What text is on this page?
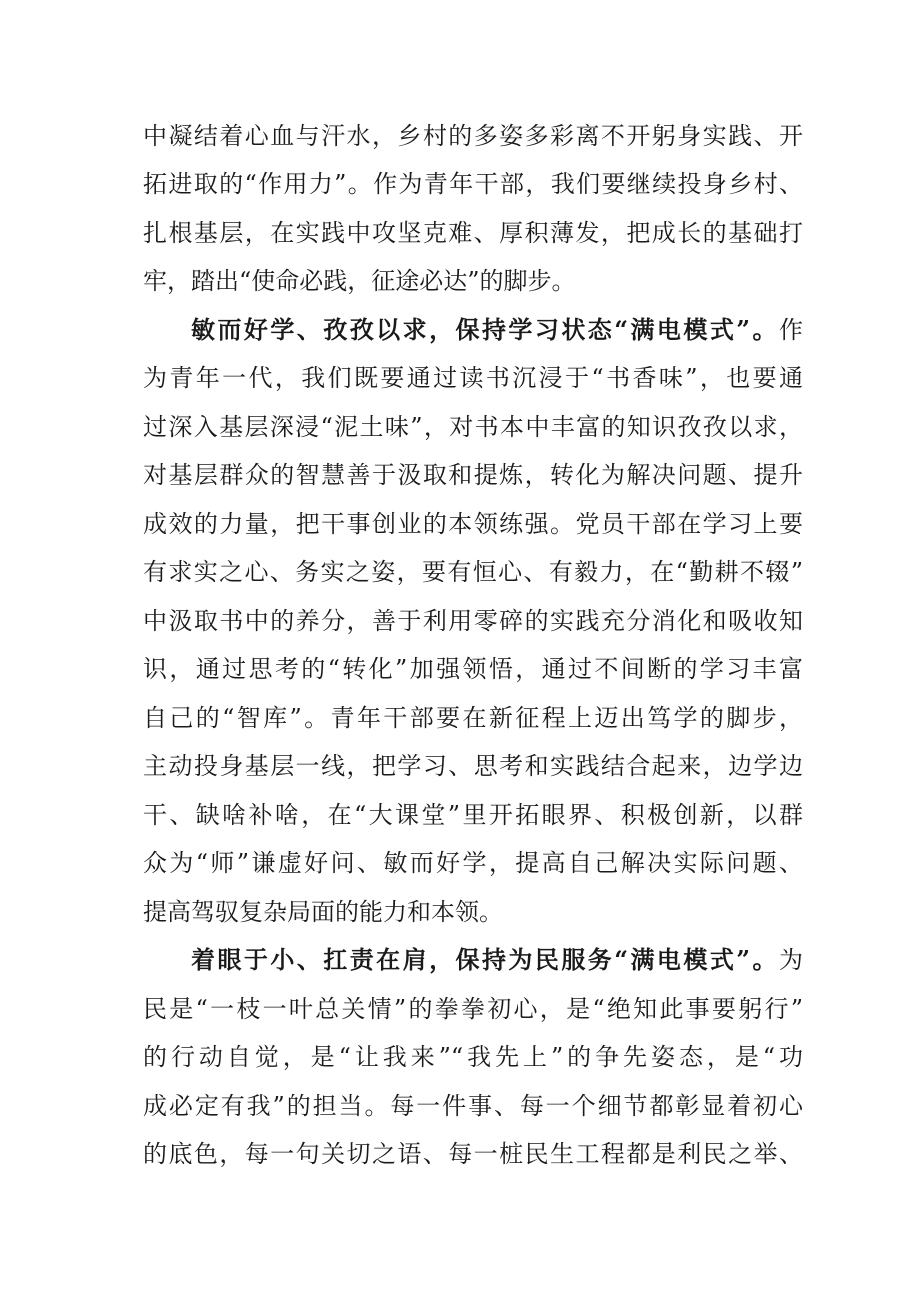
中凝结着心血与汗水，乡村的多姿多彩离不开躬身实践、开
拓进取的“作用力”。作为青年干部，我们要继续投身乡村、
扎根基层，在实践中攻坚克难、厚积薄发，把成长的基础打
牢，踏出“使命必践，征途必达”的脚步。
敏而好学、孜孜以求，保持学习状态“满电模式”。作
为青年一代，我们既要通过读书沉浸于“书香味”，也要通
过深入基层深浸“泥土味”，对书本中丰富的知识孜孜以求，
对基层群众的智慧善于汲取和提炼，转化为解决问题、提升
成效的力量，把干事创业的本领练强。党员干部在学习上要
有求实之心、务实之姿，要有恒心、有毅力，在“勤耕不辍”
中汲取书中的养分，善于利用零碎的实践充分消化和吸收知
识，通过思考的“转化”加强领悟，通过不间断的学习丰富
自己的“智库”。青年干部要在新征程上迈出笃学的脚步，
主动投身基层一线，把学习、思考和实践结合起来，边学边
干、缺啥补啥，在“大课堂”里开拓眼界、积极创新，以群
众为“师”谦虚好问、敏而好学，提高自己解决实际问题、
提高驾驭复杂局面的能力和本领。
着眼于小、扛责在肩，保持为民服务“满电模式”。为
民是“一枝一叶总关情”的拳拳初心，是“绝知此事要躬行”
的行动自觉，是“让我来”“我先上”的争先姿态，是“功
成必定有我”的担当。每一件事、每一个细节都彰显着初心
的底色，每一句关切之语、每一桩民生工程都是利民之举、
